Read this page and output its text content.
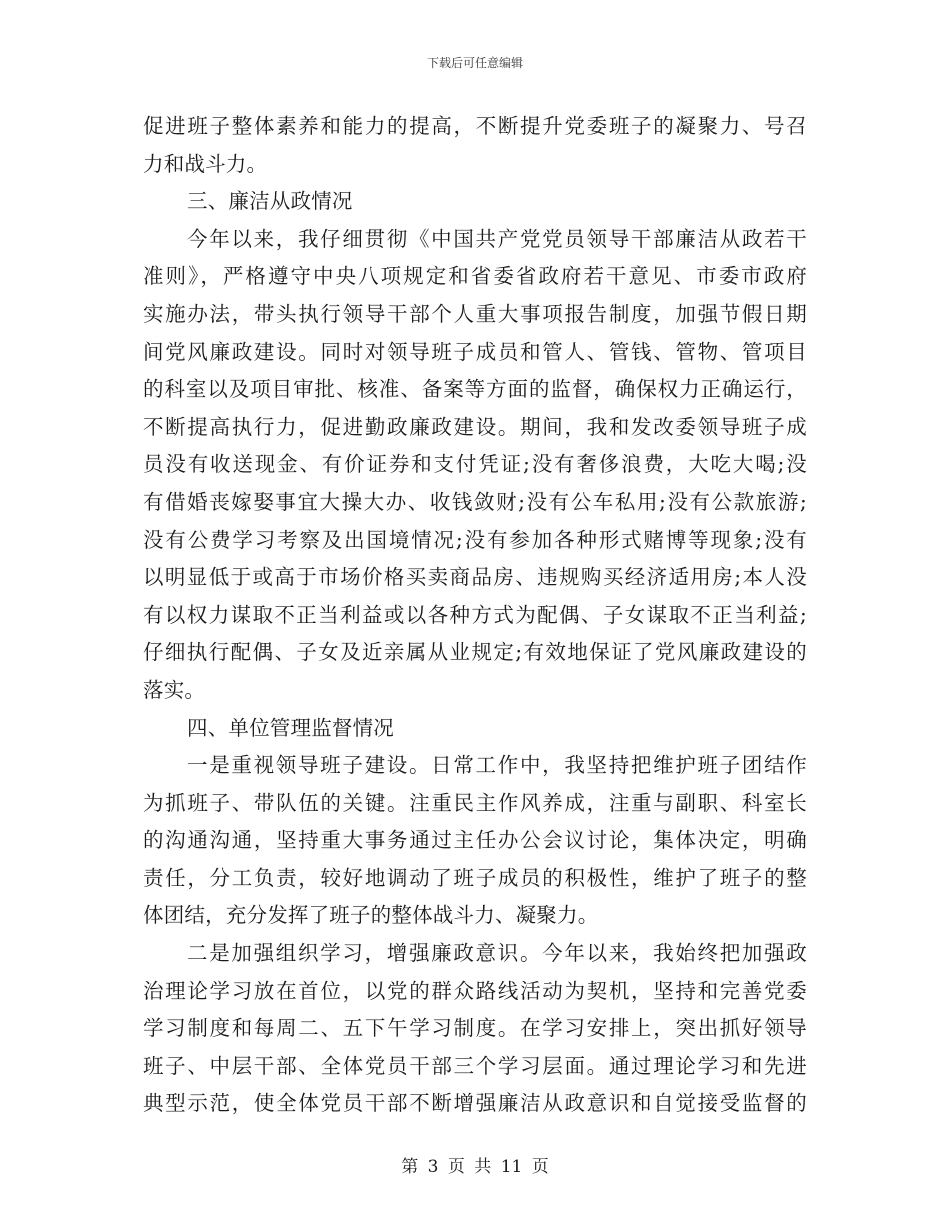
下载后可任意编辑
促进班子整体素养和能力的提高，不断提升党委班子的凝聚力、号召
力和战斗力。
三、廉洁从政情况
今年以来，我仔细贯彻《中国共产党党员领导干部廉洁从政若干
准则》，严格遵守中央八项规定和省委省政府若干意见、市委市政府
实施办法，带头执行领导干部个人重大事项报告制度，加强节假日期
间党风廉政建设。同时对领导班子成员和管人、管钱、管物、管项目
的科室以及项目审批、核准、备案等方面的监督，确保权力正确运行，
不断提高执行力，促进勤政廉政建设。期间，我和发改委领导班子成
员没有收送现金、有价证券和支付凭证;没有奢侈浪费，大吃大喝;没
有借婚丧嫁娶事宜大操大办、收钱敛财;没有公车私用;没有公款旅游;
没有公费学习考察及出国境情况;没有参加各种形式赌博等现象;没有
以明显低于或高于市场价格买卖商品房、违规购买经济适用房;本人没
有以权力谋取不正当利益或以各种方式为配偶、子女谋取不正当利益;
仔细执行配偶、子女及近亲属从业规定;有效地保证了党风廉政建设的
落实。
四、单位管理监督情况
一是重视领导班子建设。日常工作中，我坚持把维护班子团结作
为抓班子、带队伍的关键。注重民主作风养成，注重与副职、科室长
的沟通沟通，坚持重大事务通过主任办公会议讨论，集体决定，明确
责任，分工负责，较好地调动了班子成员的积极性，维护了班子的整
体团结，充分发挥了班子的整体战斗力、凝聚力。
二是加强组织学习，增强廉政意识。今年以来，我始终把加强政
治理论学习放在首位，以党的群众路线活动为契机，坚持和完善党委
学习制度和每周二、五下午学习制度。在学习安排上，突出抓好领导
班子、中层干部、全体党员干部三个学习层面。通过理论学习和先进
典型示范，使全体党员干部不断增强廉洁从政意识和自觉接受监督的
第 3 页 共 11 页
